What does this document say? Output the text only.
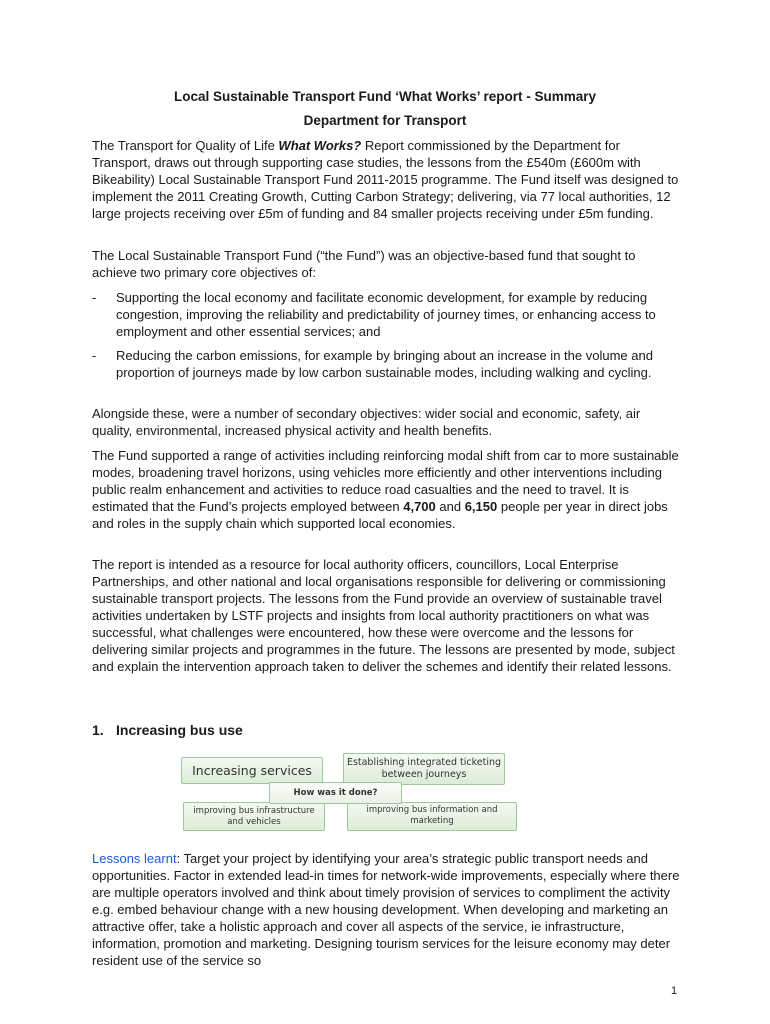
Local Sustainable Transport Fund ‘What Works’ report - Summary
Department for Transport

The Transport for Quality of Life What Works? Report commissioned by the Department for Transport, draws out through supporting case studies, the lessons from the £540m (£600m with Bikeability) Local Sustainable Transport Fund 2011-2015 programme. The Fund itself was designed to implement the 2011 Creating Growth, Cutting Carbon Strategy; delivering, via 77 local authorities, 12 large projects receiving over £5m of funding and 84 smaller projects receiving under £5m funding.

The Local Sustainable Transport Fund (“the Fund”) was an objective-based fund that sought to achieve two primary core objectives of:

- Supporting the local economy and facilitate economic development, for example by reducing congestion, improving the reliability and predictability of journey times, or enhancing access to employment and other essential services; and
- Reducing the carbon emissions, for example by bringing about an increase in the volume and proportion of journeys made by low carbon sustainable modes, including walking and cycling.

Alongside these, were a number of secondary objectives: wider social and economic, safety, air quality, environmental, increased physical activity and health benefits.

The Fund supported a range of activities including reinforcing modal shift from car to more sustainable modes, broadening travel horizons, using vehicles more efficiently and other interventions including public realm enhancement and activities to reduce road casualties and the need to travel. It is estimated that the Fund’s projects employed between 4,700 and 6,150 people per year in direct jobs and roles in the supply chain which supported local economies.

The report is intended as a resource for local authority officers, councillors, Local Enterprise Partnerships, and other national and local organisations responsible for delivering or commissioning sustainable transport projects. The lessons from the Fund provide an overview of sustainable travel activities undertaken by LSTF projects and insights from local authority practitioners on what was successful, what challenges were encountered, how these were overcome and the lessons for delivering similar projects and programmes in the future. The lessons are presented by mode, subject and explain the intervention approach taken to deliver the schemes and identify their related lessons.

1. Increasing bus use
Increasing services
Establishing integrated ticketing between journeys
improving bus infrastructure and vehicles
improving bus information and marketing
How was it done?

Lessons learnt: Target your project by identifying your area’s strategic public transport needs and opportunities. Factor in extended lead-in times for network-wide improvements, especially where there are multiple operators involved and think about timely provision of services to compliment the activity e.g. embed behaviour change with a new housing development. When developing and marketing an attractive offer, take a holistic approach and cover all aspects of the service, ie infrastructure, information, promotion and marketing. Designing tourism services for the leisure economy may deter resident use of the service so

1
